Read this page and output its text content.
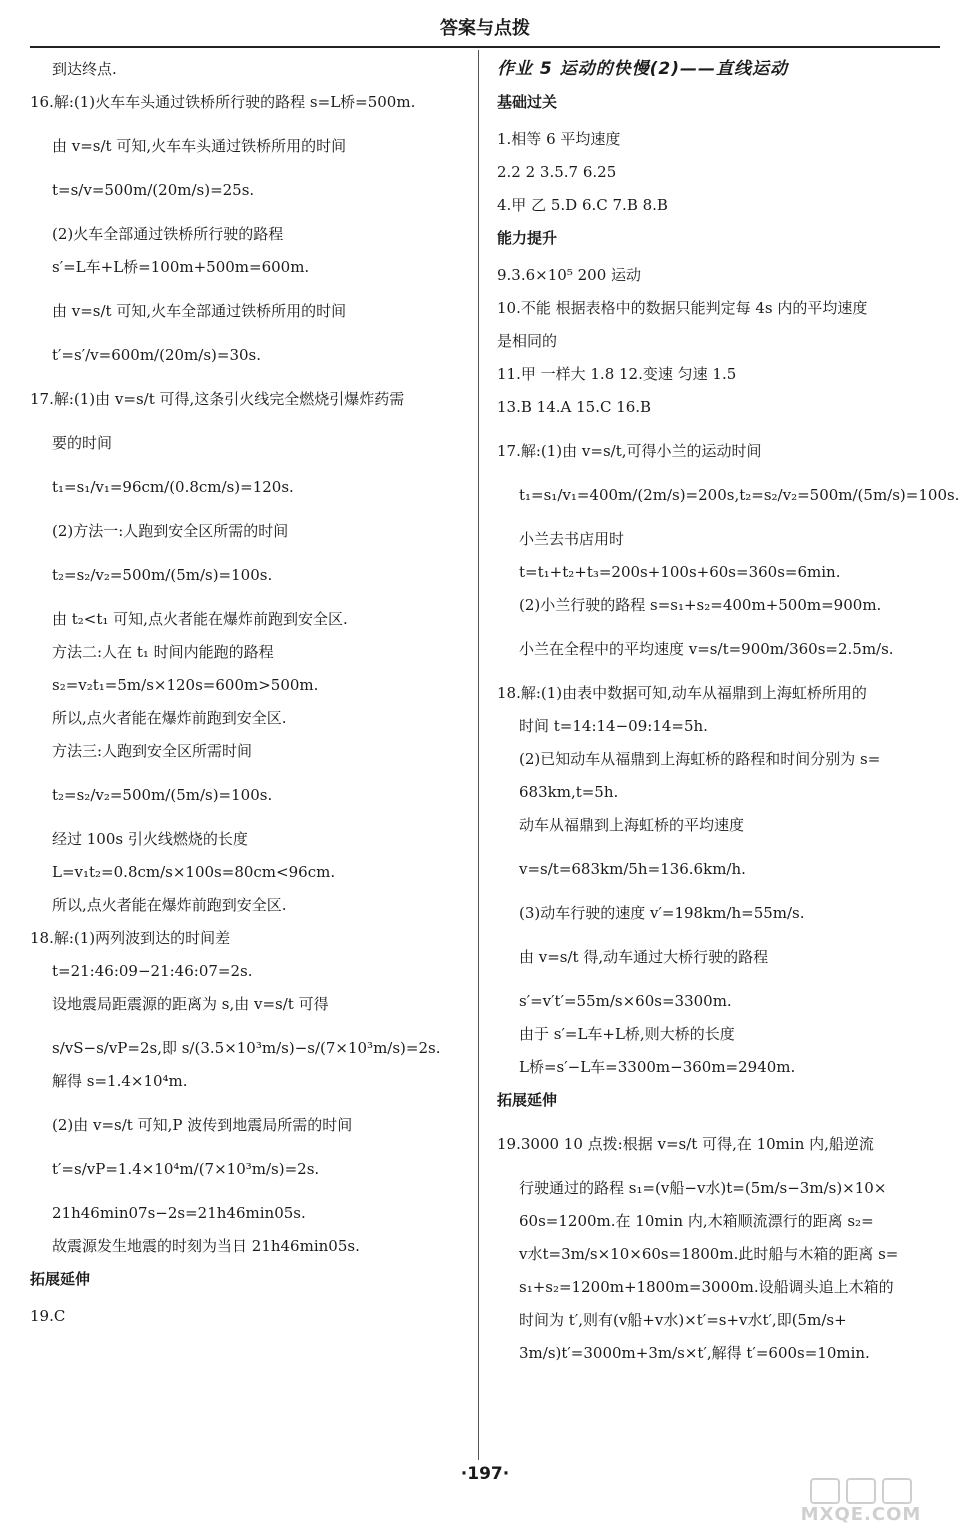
答案与点拨

到达终点.

16.解:(1)火车车头通过铁桥所行驶的路程 s=L桥=500m.

由 v=s/t 可知,火车车头通过铁桥所用的时间

t=s/v=500m/(20m/s)=25s.

(2)火车全部通过铁桥所行驶的路程

s′=L车+L桥=100m+500m=600m.

由 v=s/t 可知,火车全部通过铁桥所用的时间

t′=s′/v=600m/(20m/s)=30s.

17.解:(1)由 v=s/t 可得,这条引火线完全燃烧引爆炸药需

要的时间

t₁=s₁/v₁=96cm/(0.8cm/s)=120s.

(2)方法一:人跑到安全区所需的时间

t₂=s₂/v₂=500m/(5m/s)=100s.

由 t₂<t₁ 可知,点火者能在爆炸前跑到安全区.

方法二:人在 t₁ 时间内能跑的路程

s₂=v₂t₁=5m/s×120s=600m>500m.

所以,点火者能在爆炸前跑到安全区.

方法三:人跑到安全区所需时间

t₂=s₂/v₂=500m/(5m/s)=100s.

经过 100s 引火线燃烧的长度

L=v₁t₂=0.8cm/s×100s=80cm<96cm.

所以,点火者能在爆炸前跑到安全区.

18.解:(1)两列波到达的时间差

t=21:46:09−21:46:07=2s.

设地震局距震源的距离为 s,由 v=s/t 可得

s/vS−s/vP=2s,即 s/(3.5×10³m/s)−s/(7×10³m/s)=2s.

解得 s=1.4×10⁴m.

(2)由 v=s/t 可知,P 波传到地震局所需的时间

t′=s/vP=1.4×10⁴m/(7×10³m/s)=2s.

21h46min07s−2s=21h46min05s.

故震源发生地震的时刻为当日 21h46min05s.

拓展延伸

19.C

作业 5 运动的快慢(2)——直线运动

基础过关

1.相等 6 平均速度

2.2 2 3.5.7 6.25

4.甲 乙 5.D 6.C 7.B 8.B

能力提升

9.3.6×10⁵ 200 运动

10.不能 根据表格中的数据只能判定每 4s 内的平均速度

是相同的

11.甲 一样大 1.8 12.变速 匀速 1.5

13.B 14.A 15.C 16.B

17.解:(1)由 v=s/t,可得小兰的运动时间

t₁=s₁/v₁=400m/(2m/s)=200s,t₂=s₂/v₂=500m/(5m/s)=100s.

小兰去书店用时

t=t₁+t₂+t₃=200s+100s+60s=360s=6min.

(2)小兰行驶的路程 s=s₁+s₂=400m+500m=900m.

小兰在全程中的平均速度 v=s/t=900m/360s=2.5m/s.

18.解:(1)由表中数据可知,动车从福鼎到上海虹桥所用的

时间 t=14:14−09:14=5h.

(2)已知动车从福鼎到上海虹桥的路程和时间分别为 s=

683km,t=5h.

动车从福鼎到上海虹桥的平均速度

v=s/t=683km/5h=136.6km/h.

(3)动车行驶的速度 v′=198km/h=55m/s.

由 v=s/t 得,动车通过大桥行驶的路程

s′=v′t′=55m/s×60s=3300m.

由于 s′=L车+L桥,则大桥的长度

L桥=s′−L车=3300m−360m=2940m.

拓展延伸

19.3000 10 点拨:根据 v=s/t 可得,在 10min 内,船逆流

行驶通过的路程 s₁=(v船−v水)t=(5m/s−3m/s)×10×

60s=1200m.在 10min 内,木箱顺流漂行的距离 s₂=

v水t=3m/s×10×60s=1800m.此时船与木箱的距离 s=

s₁+s₂=1200m+1800m=3000m.设船调头追上木箱的

时间为 t′,则有(v船+v水)×t′=s+v水t′,即(5m/s+

3m/s)t′=3000m+3m/s×t′,解得 t′=600s=10min.

·197·
MXQE.COM
